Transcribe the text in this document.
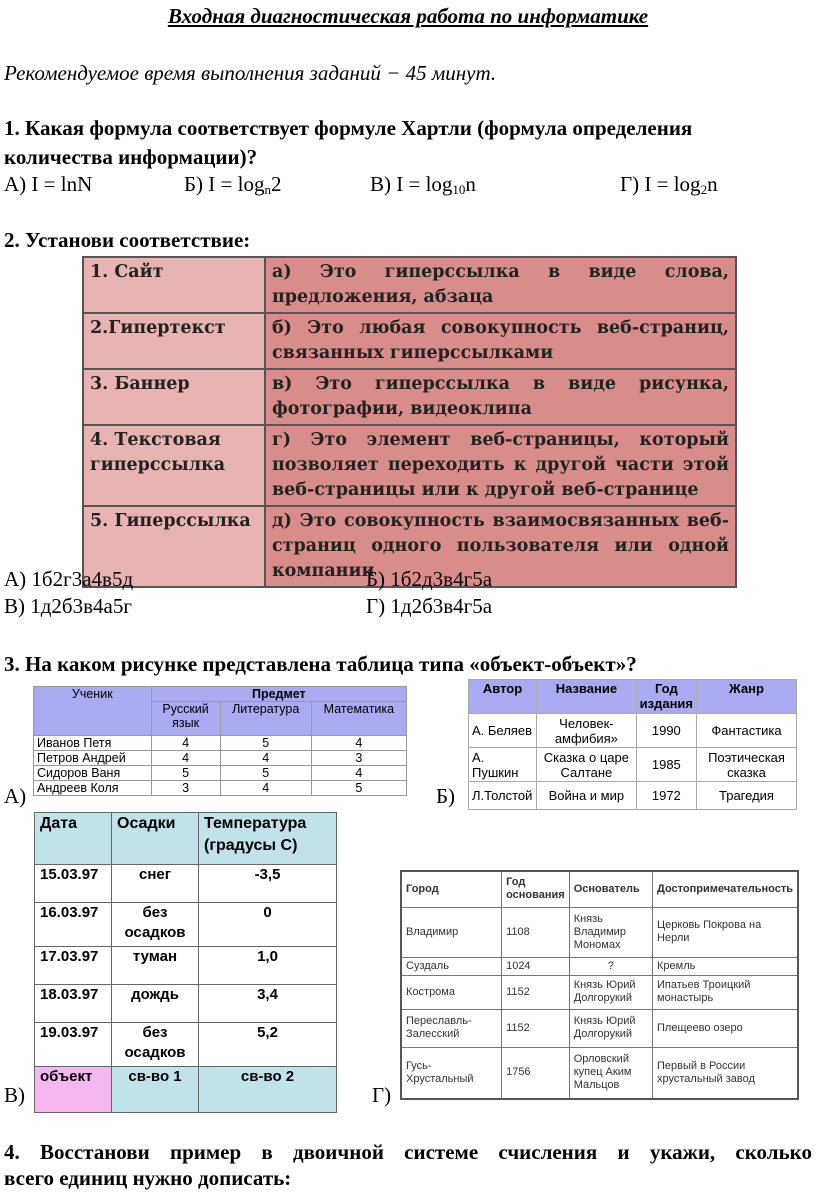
Входная диагностическая работа по информатике
Рекомендуемое время выполнения заданий − 45 минут.
1. Какая формула соответствует формуле Хартли (формула определения
количества информации)?
А) I = lnN	Б) $I = \log_n2$	В) $I = \log_{10}n$	Г) $I = \log_2n$
2. Установи соответствие:
1. Сайт	а) Это гиперссылка в виде слова, предложения, абзаца
2.Гипертекст	б) Это любая совокупность веб-страниц, связанных гиперссылками
3. Баннер	в) Это гиперссылка в виде рисунка, фотографии, видеоклипа
4. Текстовая гиперссылка	г) Это элемент веб-страницы, который позволяет переходить к другой части этой веб-страницы или к другой веб-странице
5. Гиперссылка	д) Это совокупность взаимосвязанных веб-страниц одного пользователя или одной компании
А) 1б2г3а4в5д	Б) 1б2д3в4г5а
В) 1д2б3в4а5г	Г) 1д2б3в4г5а
3. На каком рисунке представлена таблица типа «объект-объект»?
Ученик	Предмет		
	Русский язык	Литература	Математика
Иванов Петя	4	5	4
Петров Андрей	4	4	3
Сидоров Ваня	5	5	4
Андреев Коля	3	4	5
А)
Автор	Название	Год издания	Жанр
А. Беляев	Человек-амфибия»	1990	Фантастика
А. Пушкин	Сказка о царе Салтане	1985	Поэтическая сказка
Л.Толстой	Война и мир	1972	Трагедия
Б)
Дата	Осадки	Температура (градусы С)
15.03.97	снег	-3,5
16.03.97	без осадков	0
17.03.97	туман	1,0
18.03.97	дождь	3,4
19.03.97	без осадков	5,2
объект	св-во 1	св-во 2
В)
Город	Год основания	Основатель	Достопримечательность
Владимир	1108	Князь Владимир Мономах	Церковь Покрова на Нерли
Суздаль	1024	?	Кремль
Кострома	1152	Князь Юрий Долгорукий	Ипатьев Троицкий монастырь
Переславль-Залесский	1152	Князь Юрий Долгорукий	Плещеево озеро
Гусь-Хрустальный	1756	Орловский купец Аким Мальцов	Первый в России хрустальный завод
Г)
4. Восстанови пример в двоичной системе счисления и укажи, сколько
всего единиц нужно дописать:
